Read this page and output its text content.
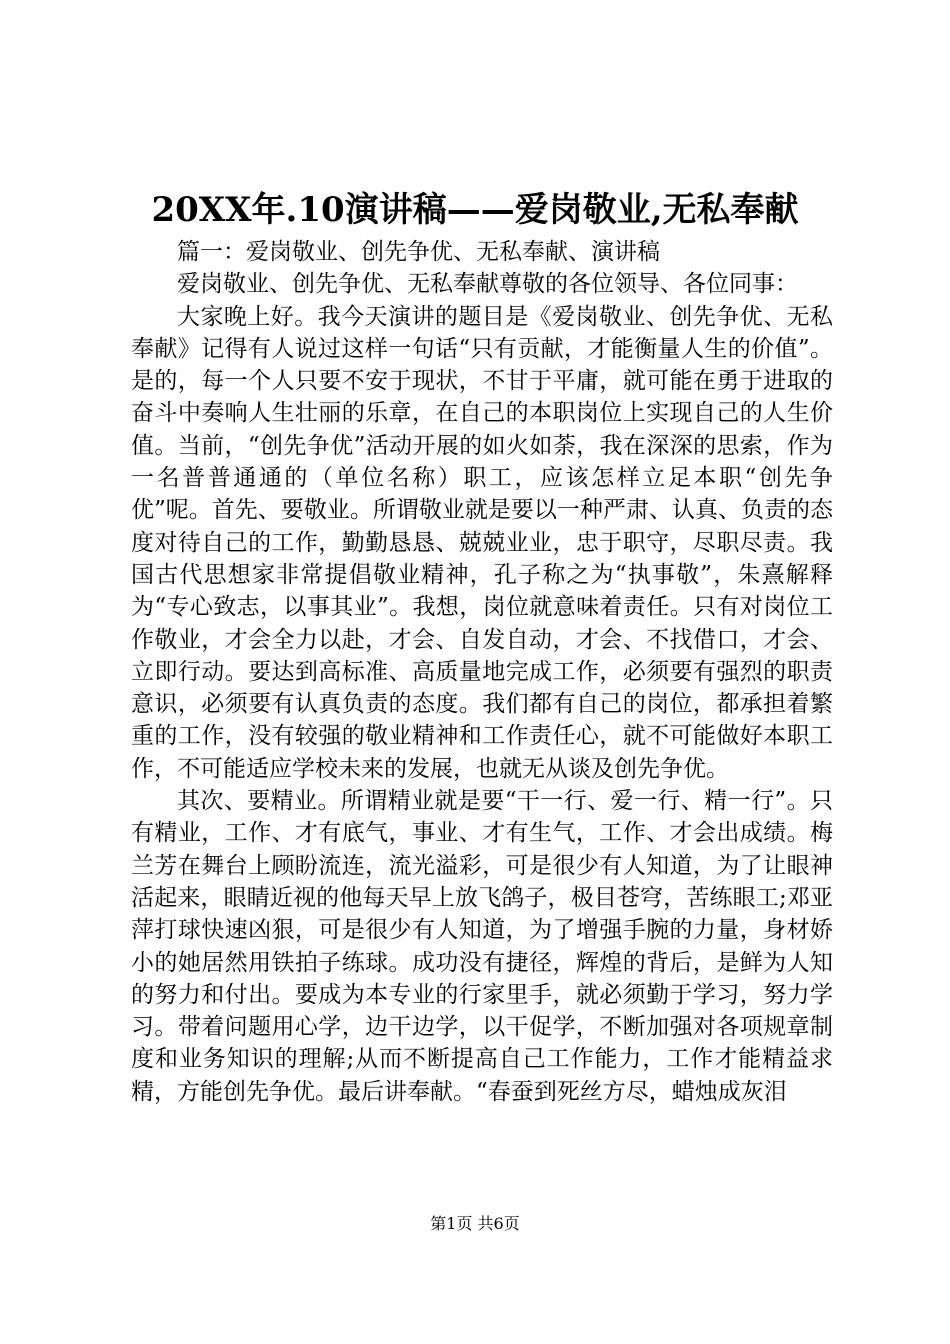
20XX年.10演讲稿——爱岗敬业,无私奉献

篇一：爱岗敬业、创先争优、无私奉献、演讲稿

爱岗敬业、创先争优、无私奉献尊敬的各位领导、各位同事：

大家晚上好。我今天演讲的题目是《爱岗敬业、创先争优、无私奉献》记得有人说过这样一句话“只有贡献，才能衡量人生的价值”。是的，每一个人只要不安于现状，不甘于平庸，就可能在勇于进取的奋斗中奏响人生壮丽的乐章，在自己的本职岗位上实现自己的人生价值。当前，“创先争优”活动开展的如火如荼，我在深深的思索，作为一名普普通通的（单位名称）职工，应该怎样立足本职“创先争优”呢。首先、要敬业。所谓敬业就是要以一种严肃、认真、负责的态度对待自己的工作，勤勤恳恳、兢兢业业，忠于职守，尽职尽责。我国古代思想家非常提倡敬业精神，孔子称之为“执事敬”，朱熹解释为“专心致志，以事其业”。我想，岗位就意味着责任。只有对岗位工作敬业，才会全力以赴，才会、自发自动，才会、不找借口，才会、立即行动。要达到高标准、高质量地完成工作，必须要有强烈的职责意识，必须要有认真负责的态度。我们都有自己的岗位，都承担着繁重的工作，没有较强的敬业精神和工作责任心，就不可能做好本职工作，不可能适应学校未来的发展，也就无从谈及创先争优。

其次、要精业。所谓精业就是要“干一行、爱一行、精一行”。只有精业，工作、才有底气，事业、才有生气，工作、才会出成绩。梅兰芳在舞台上顾盼流连，流光溢彩，可是很少有人知道，为了让眼神活起来，眼睛近视的他每天早上放飞鸽子，极目苍穹，苦练眼工;邓亚萍打球快速凶狠，可是很少有人知道，为了增强手腕的力量，身材娇小的她居然用铁拍子练球。成功没有捷径，辉煌的背后，是鲜为人知的努力和付出。要成为本专业的行家里手，就必须勤于学习，努力学习。带着问题用心学，边干边学，以干促学，不断加强对各项规章制度和业务知识的理解;从而不断提高自己工作能力，工作才能精益求精，方能创先争优。最后讲奉献。“春蚕到死丝方尽，蜡烛成灰泪

第1页 共6页
